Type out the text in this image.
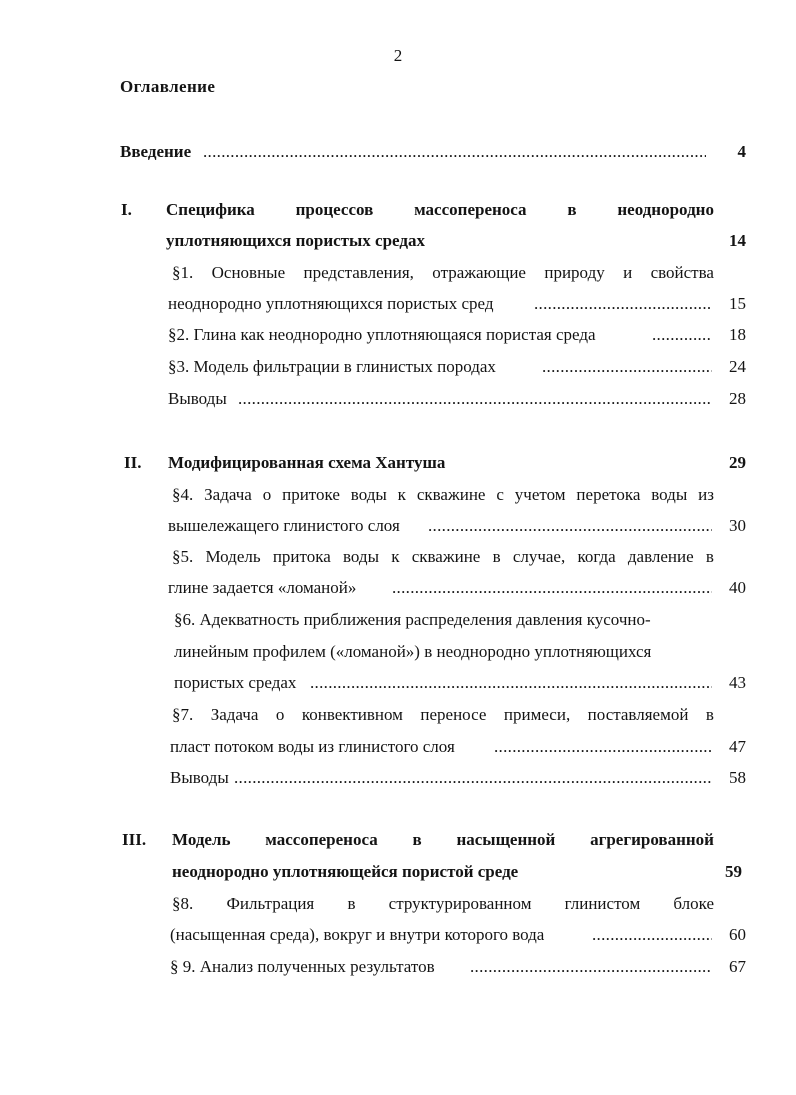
2
Оглавление
Введение .....	4
I. Специфика процессов массопереноса в неоднородно
уплотняющихся пористых средах	14
§1. Основные представления, отражающие природу и свойства
неоднородно уплотняющихся пористых сред .....	15
§2. Глина как неоднородно уплотняющаяся пористая среда .....	18
§3. Модель фильтрации в глинистых породах .....	24
Выводы .....	28
II. Модифицированная схема Хантуша	29
§4. Задача о притоке воды к скважине с учетом перетока воды из
вышележащего глинистого слоя .....	30
§5. Модель притока воды к скважине в случае, когда давление в
глине задается «ломаной» .....	40
§6. Адекватность приближения распределения давления кусочно-
линейным профилем («ломаной») в неоднородно уплотняющихся
пористых средах .....	43
§7. Задача о конвективном переносе примеси, поставляемой в
пласт потоком воды из глинистого слоя .....	47
Выводы .....	58
III. Модель массопереноса в насыщенной агрегированной
неоднородно уплотняющейся пористой среде	59
§8. Фильтрация в структурированном глинистом блоке
(насыщенная среда), вокруг и внутри которого вода .....	60
§ 9. Анализ полученных результатов .....	67
